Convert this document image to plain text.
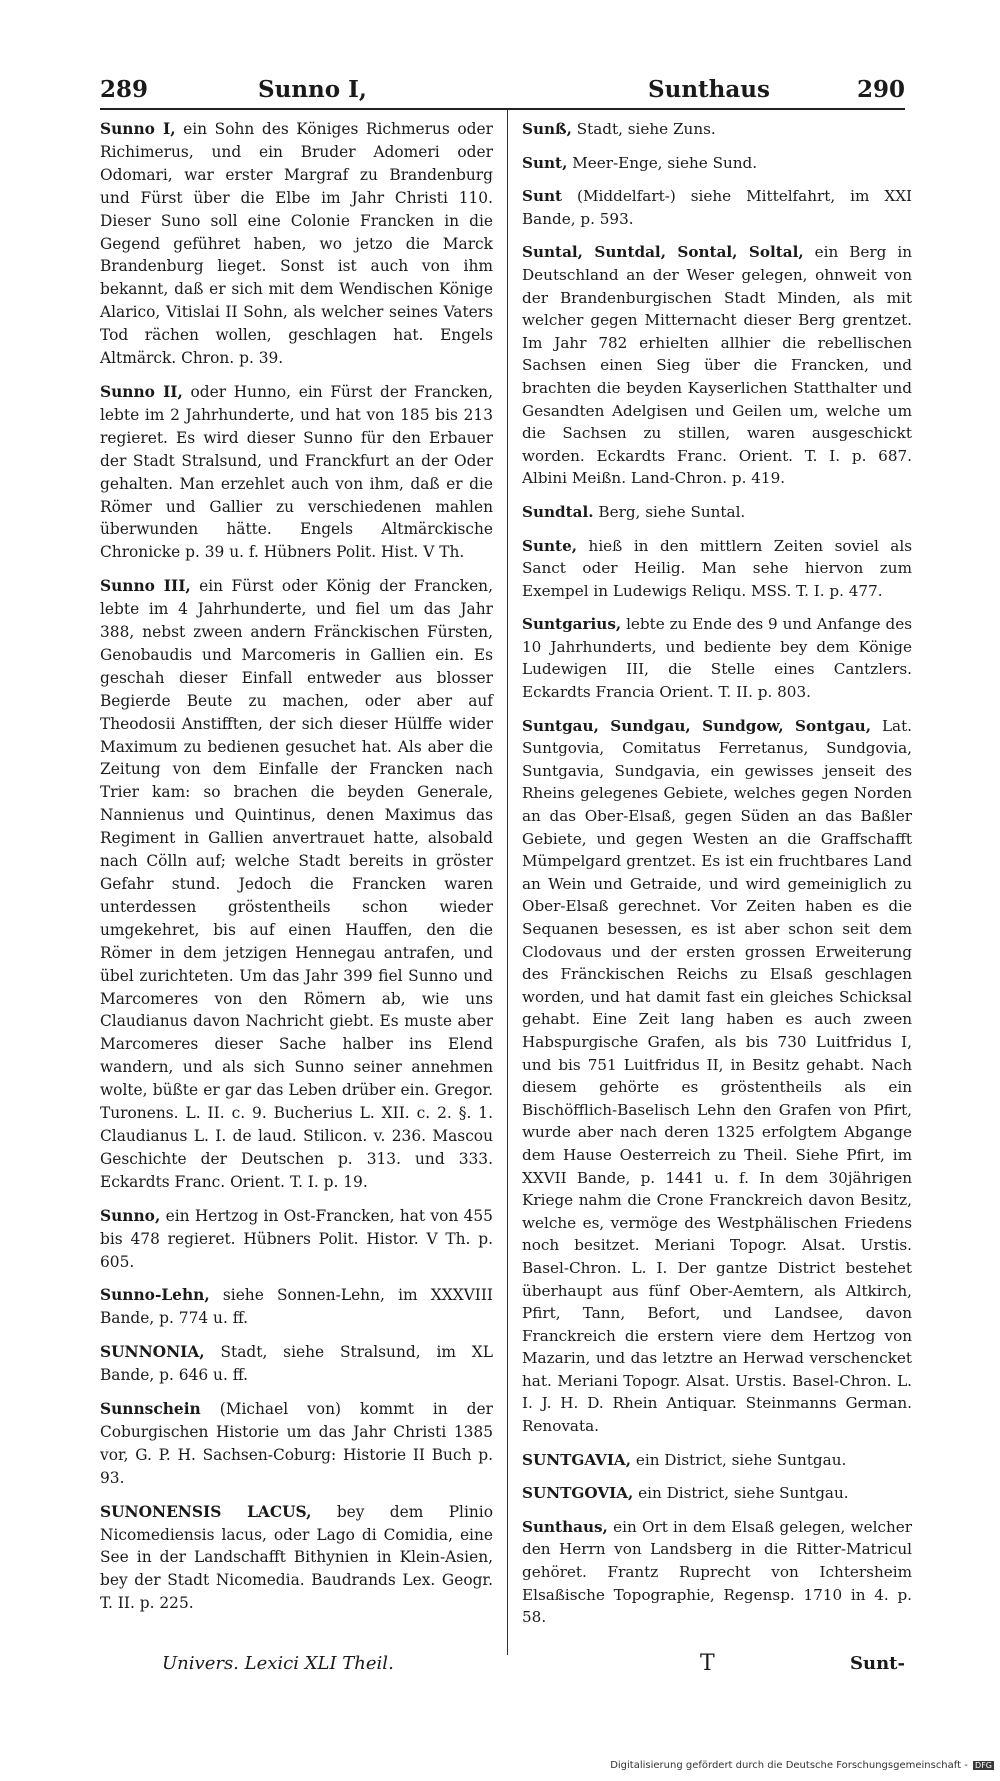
289	Sunno I,	Sunthaus	290

Sunno I, ein Sohn des Königes Richmerus oder Richimerus, und ein Bruder Adomeri oder Odomari, war erster Margraf zu Brandenburg und Fürst über die Elbe im Jahr Christi 110. Dieser Suno soll eine Colonie Francken in die Gegend geführet haben, wo jetzo die Marck Brandenburg lieget. Sonst ist auch von ihm bekannt, daß er sich mit dem Wendischen Könige Alarico, Vitislai II Sohn, als welcher seines Vaters Tod rächen wollen, geschlagen hat. Engels Altmärck. Chron. p. 39.

Sunno II, oder Hunno, ein Fürst der Francken, lebte im 2 Jahrhunderte, und hat von 185 bis 213 regieret. Es wird dieser Sunno für den Erbauer der Stadt Stralsund, und Franckfurt an der Oder gehalten. Man erzehlet auch von ihm, daß er die Römer und Gallier zu verschiedenen mahlen überwunden hätte. Engels Altmärckische Chronicke p. 39 u. f. Hübners Polit. Hist. V Th.

Sunno III, ein Fürst oder König der Francken, lebte im 4 Jahrhunderte, und fiel um das Jahr 388, nebst zween andern Fränckischen Fürsten, Genobaudis und Marcomeris in Gallien ein. Es geschah dieser Einfall entweder aus blosser Begierde Beute zu machen, oder aber auf Theodosii Anstifften, der sich dieser Hülffe wider Maximum zu bedienen gesuchet hat. Als aber die Zeitung von dem Einfalle der Francken nach Trier kam: so brachen die beyden Generale, Nannienus und Quintinus, denen Maximus das Regiment in Gallien anvertrauet hatte, alsobald nach Cölln auf; welche Stadt bereits in gröster Gefahr stund. Jedoch die Francken waren unterdessen gröstentheils schon wieder umgekehret, bis auf einen Hauffen, den die Römer in dem jetzigen Hennegau antrafen, und übel zurichteten. Um das Jahr 399 fiel Sunno und Marcomeres von den Römern ab, wie uns Claudianus davon Nachricht giebt. Es muste aber Marcomeres dieser Sache halber ins Elend wandern, und als sich Sunno seiner annehmen wolte, büßte er gar das Leben drüber ein. Gregor. Turonens. L. II. c. 9. Bucherius L. XII. c. 2. §. 1. Claudianus L. I. de laud. Stilicon. v. 236. Mascou Geschichte der Deutschen p. 313. und 333. Eckardts Franc. Orient. T. I. p. 19.

Sunno, ein Hertzog in Ost-Francken, hat von 455 bis 478 regieret. Hübners Polit. Histor. V Th. p. 605.

Sunno-Lehn, siehe Sonnen-Lehn, im XXXVIII Bande, p. 774 u. ff.

SUNNONIA, Stadt, siehe Stralsund, im XL Bande, p. 646 u. ff.

Sunnschein (Michael von) kommt in der Coburgischen Historie um das Jahr Christi 1385 vor, G. P. H. Sachsen-Coburg: Historie II Buch p. 93.

SUNONENSIS LACUS, bey dem Plinio Nicomediensis lacus, oder Lago di Comidia, eine See in der Landschafft Bithynien in Klein-Asien, bey der Stadt Nicomedia. Baudrands Lex. Geogr. T. II. p. 225.

Sunß, Stadt, siehe Zuns.

Sunt, Meer-Enge, siehe Sund.

Sunt (Middelfart-) siehe Mittelfahrt, im XXI Bande, p. 593.

Suntal, Suntdal, Sontal, Soltal, ein Berg in Deutschland an der Weser gelegen, ohnweit von der Brandenburgischen Stadt Minden, als mit welcher gegen Mitternacht dieser Berg grentzet. Im Jahr 782 erhielten allhier die rebellischen Sachsen einen Sieg über die Francken, und brachten die beyden Kayserlichen Statthalter und Gesandten Adelgisen und Geilen um, welche um die Sachsen zu stillen, waren ausgeschickt worden. Eckardts Franc. Orient. T. I. p. 687. Albini Meißn. Land-Chron. p. 419.

Sundtal. Berg, siehe Suntal.

Sunte, hieß in den mittlern Zeiten soviel als Sanct oder Heilig. Man sehe hiervon zum Exempel in Ludewigs Reliqu. MSS. T. I. p. 477.

Suntgarius, lebte zu Ende des 9 und Anfange des 10 Jahrhunderts, und bediente bey dem Könige Ludewigen III, die Stelle eines Cantzlers. Eckardts Francia Orient. T. II. p. 803.

Suntgau, Sundgau, Sundgow, Sontgau, Lat. Suntgovia, Comitatus Ferretanus, Sundgovia, Suntgavia, Sundgavia, ein gewisses jenseit des Rheins gelegenes Gebiete, welches gegen Norden an das Ober-Elsaß, gegen Süden an das Baßler Gebiete, und gegen Westen an die Graffschafft Mümpelgard grentzet. Es ist ein fruchtbares Land an Wein und Getraide, und wird gemeiniglich zu Ober-Elsaß gerechnet. Vor Zeiten haben es die Sequanen besessen, es ist aber schon seit dem Clodovaus und der ersten grossen Erweiterung des Fränckischen Reichs zu Elsaß geschlagen worden, und hat damit fast ein gleiches Schicksal gehabt. Eine Zeit lang haben es auch zween Habspurgische Grafen, als bis 730 Luitfridus I, und bis 751 Luitfridus II, in Besitz gehabt. Nach diesem gehörte es gröstentheils als ein Bischöfflich-Baselisch Lehn den Grafen von Pfirt, wurde aber nach deren 1325 erfolgtem Abgange dem Hause Oesterreich zu Theil. Siehe Pfirt, im XXVII Bande, p. 1441 u. f. In dem 30jährigen Kriege nahm die Crone Franckreich davon Besitz, welche es, vermöge des Westphälischen Friedens noch besitzet. Meriani Topogr. Alsat. Urstis. Basel-Chron. L. I. Der gantze District bestehet überhaupt aus fünf Ober-Aemtern, als Altkirch, Pfirt, Tann, Befort, und Landsee, davon Franckreich die erstern viere dem Hertzog von Mazarin, und das letztre an Herwad verschencket hat. Meriani Topogr. Alsat. Urstis. Basel-Chron. L. I. J. H. D. Rhein Antiquar. Steinmanns German. Renovata.

SUNTGAVIA, ein District, siehe Suntgau.

SUNTGOVIA, ein District, siehe Suntgau.

Sunthaus, ein Ort in dem Elsaß gelegen, welcher den Herrn von Landsberg in die Ritter-Matricul gehöret. Frantz Ruprecht von Ichtersheim Elsaßische Topographie, Regensp. 1710 in 4. p. 58.

Univers. Lexici XLI Theil.	T	Sunt-
Digitalisierung gefördert durch die Deutsche Forschungsgemeinschaft - DFG
